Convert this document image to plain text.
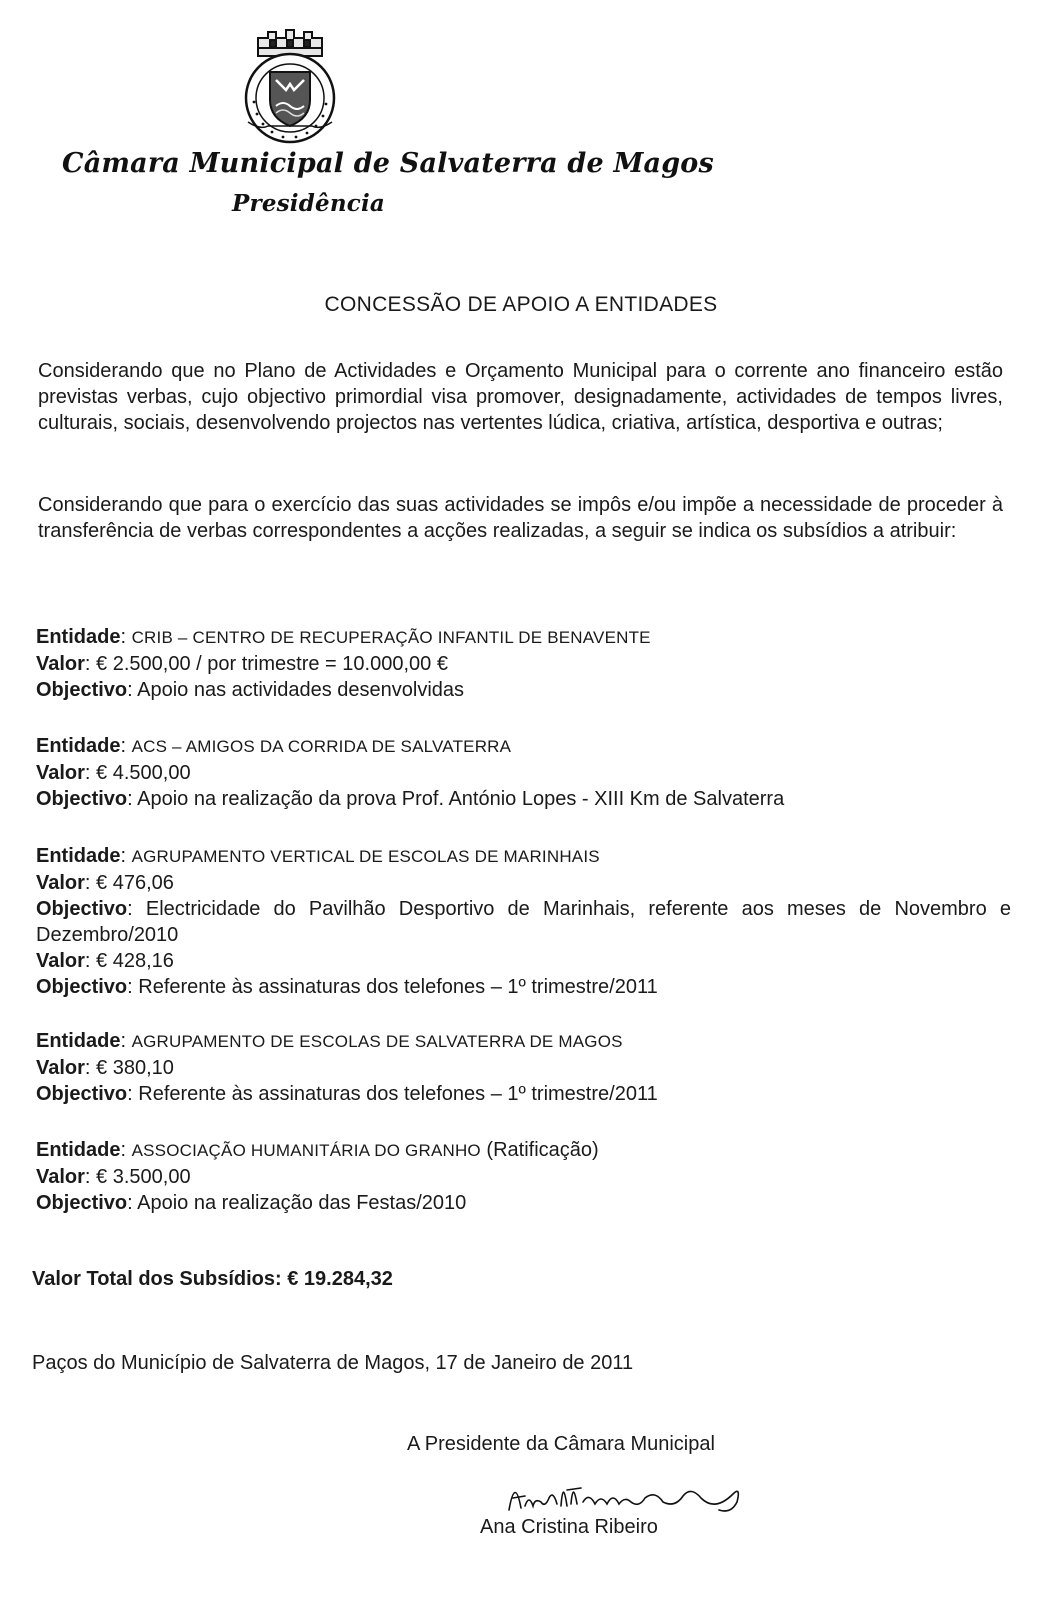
Câmara Municipal de Salvaterra de Magos
Presidência
CONCESSÃO DE APOIO A ENTIDADES

Considerando que no Plano de Actividades e Orçamento Municipal para o corrente ano financeiro estão previstas verbas, cujo objectivo primordial visa promover, designadamente, actividades de tempos livres, culturais, sociais, desenvolvendo projectos nas vertentes lúdica, criativa, artística, desportiva e outras;

Considerando que para o exercício das suas actividades se impôs e/ou impõe a necessidade de proceder à transferência de verbas correspondentes a acções realizadas, a seguir se indica os subsídios a atribuir:

Entidade: CRIB – CENTRO DE RECUPERAÇÃO INFANTIL DE BENAVENTE

Valor: € 2.500,00 / por trimestre = 10.000,00 €

Objectivo: Apoio nas actividades desenvolvidas

Entidade: ACS – AMIGOS DA CORRIDA DE SALVATERRA

Valor: € 4.500,00

Objectivo: Apoio na realização da prova Prof. António Lopes - XIII Km de Salvaterra

Entidade: AGRUPAMENTO VERTICAL DE ESCOLAS DE MARINHAIS

Valor: € 476,06

Objectivo: Electricidade do Pavilhão Desportivo de Marinhais, referente aos meses de Novembro e Dezembro/2010

Valor: € 428,16

Objectivo: Referente às assinaturas dos telefones – 1º trimestre/2011

Entidade: AGRUPAMENTO DE ESCOLAS DE SALVATERRA DE MAGOS

Valor: € 380,10

Objectivo: Referente às assinaturas dos telefones – 1º trimestre/2011

Entidade: ASSOCIAÇÃO HUMANITÁRIA DO GRANHO (Ratificação)

Valor: € 3.500,00

Objectivo: Apoio na realização das Festas/2010

Valor Total dos Subsídios: € 19.284,32
Paços do Município de Salvaterra de Magos, 17 de Janeiro de 2011
A Presidente da Câmara Municipal
Ana Cristina Ribeiro
